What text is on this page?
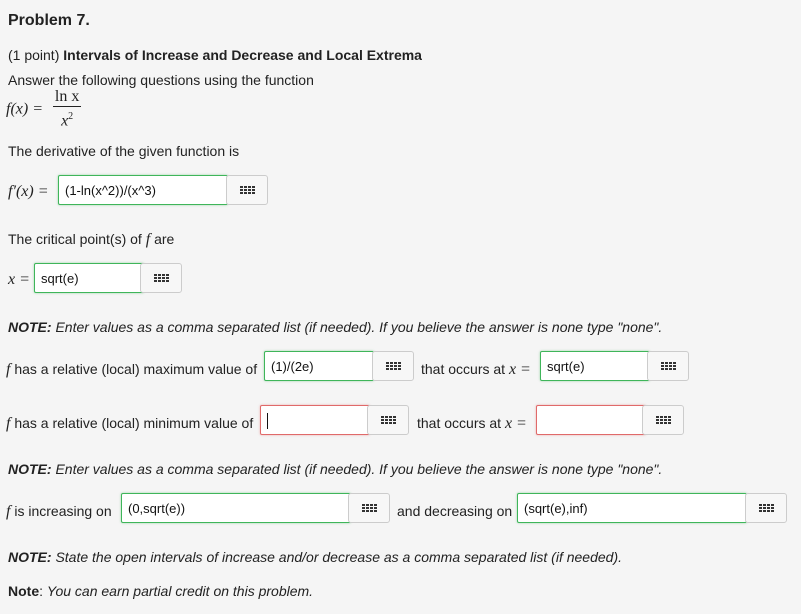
Problem 7.
(1 point) Intervals of Increase and Decrease and Local Extrema
Answer the following questions using the function
$f(x) = \frac{\text{ln x}}{x^2}$
The derivative of the given function is
f′(x) =
(1-ln(x^2))/(x^3)
The critical point(s) of f are
x =
sqrt(e)
NOTE: Enter values as a comma separated list (if needed). If you believe the answer is none type "none".
f has a relative (local) maximum value of
(1)/(2e)	that occurs at x =
sqrt(e)
f has a relative (local) minimum value of	that occurs at x =
NOTE: Enter values as a comma separated list (if needed). If you believe the answer is none type "none".
f is increasing on
(0,sqrt(e))	and decreasing on
(sqrt(e),inf)
NOTE: State the open intervals of increase and/or decrease as a comma separated list (if needed).
Note: You can earn partial credit on this problem.
